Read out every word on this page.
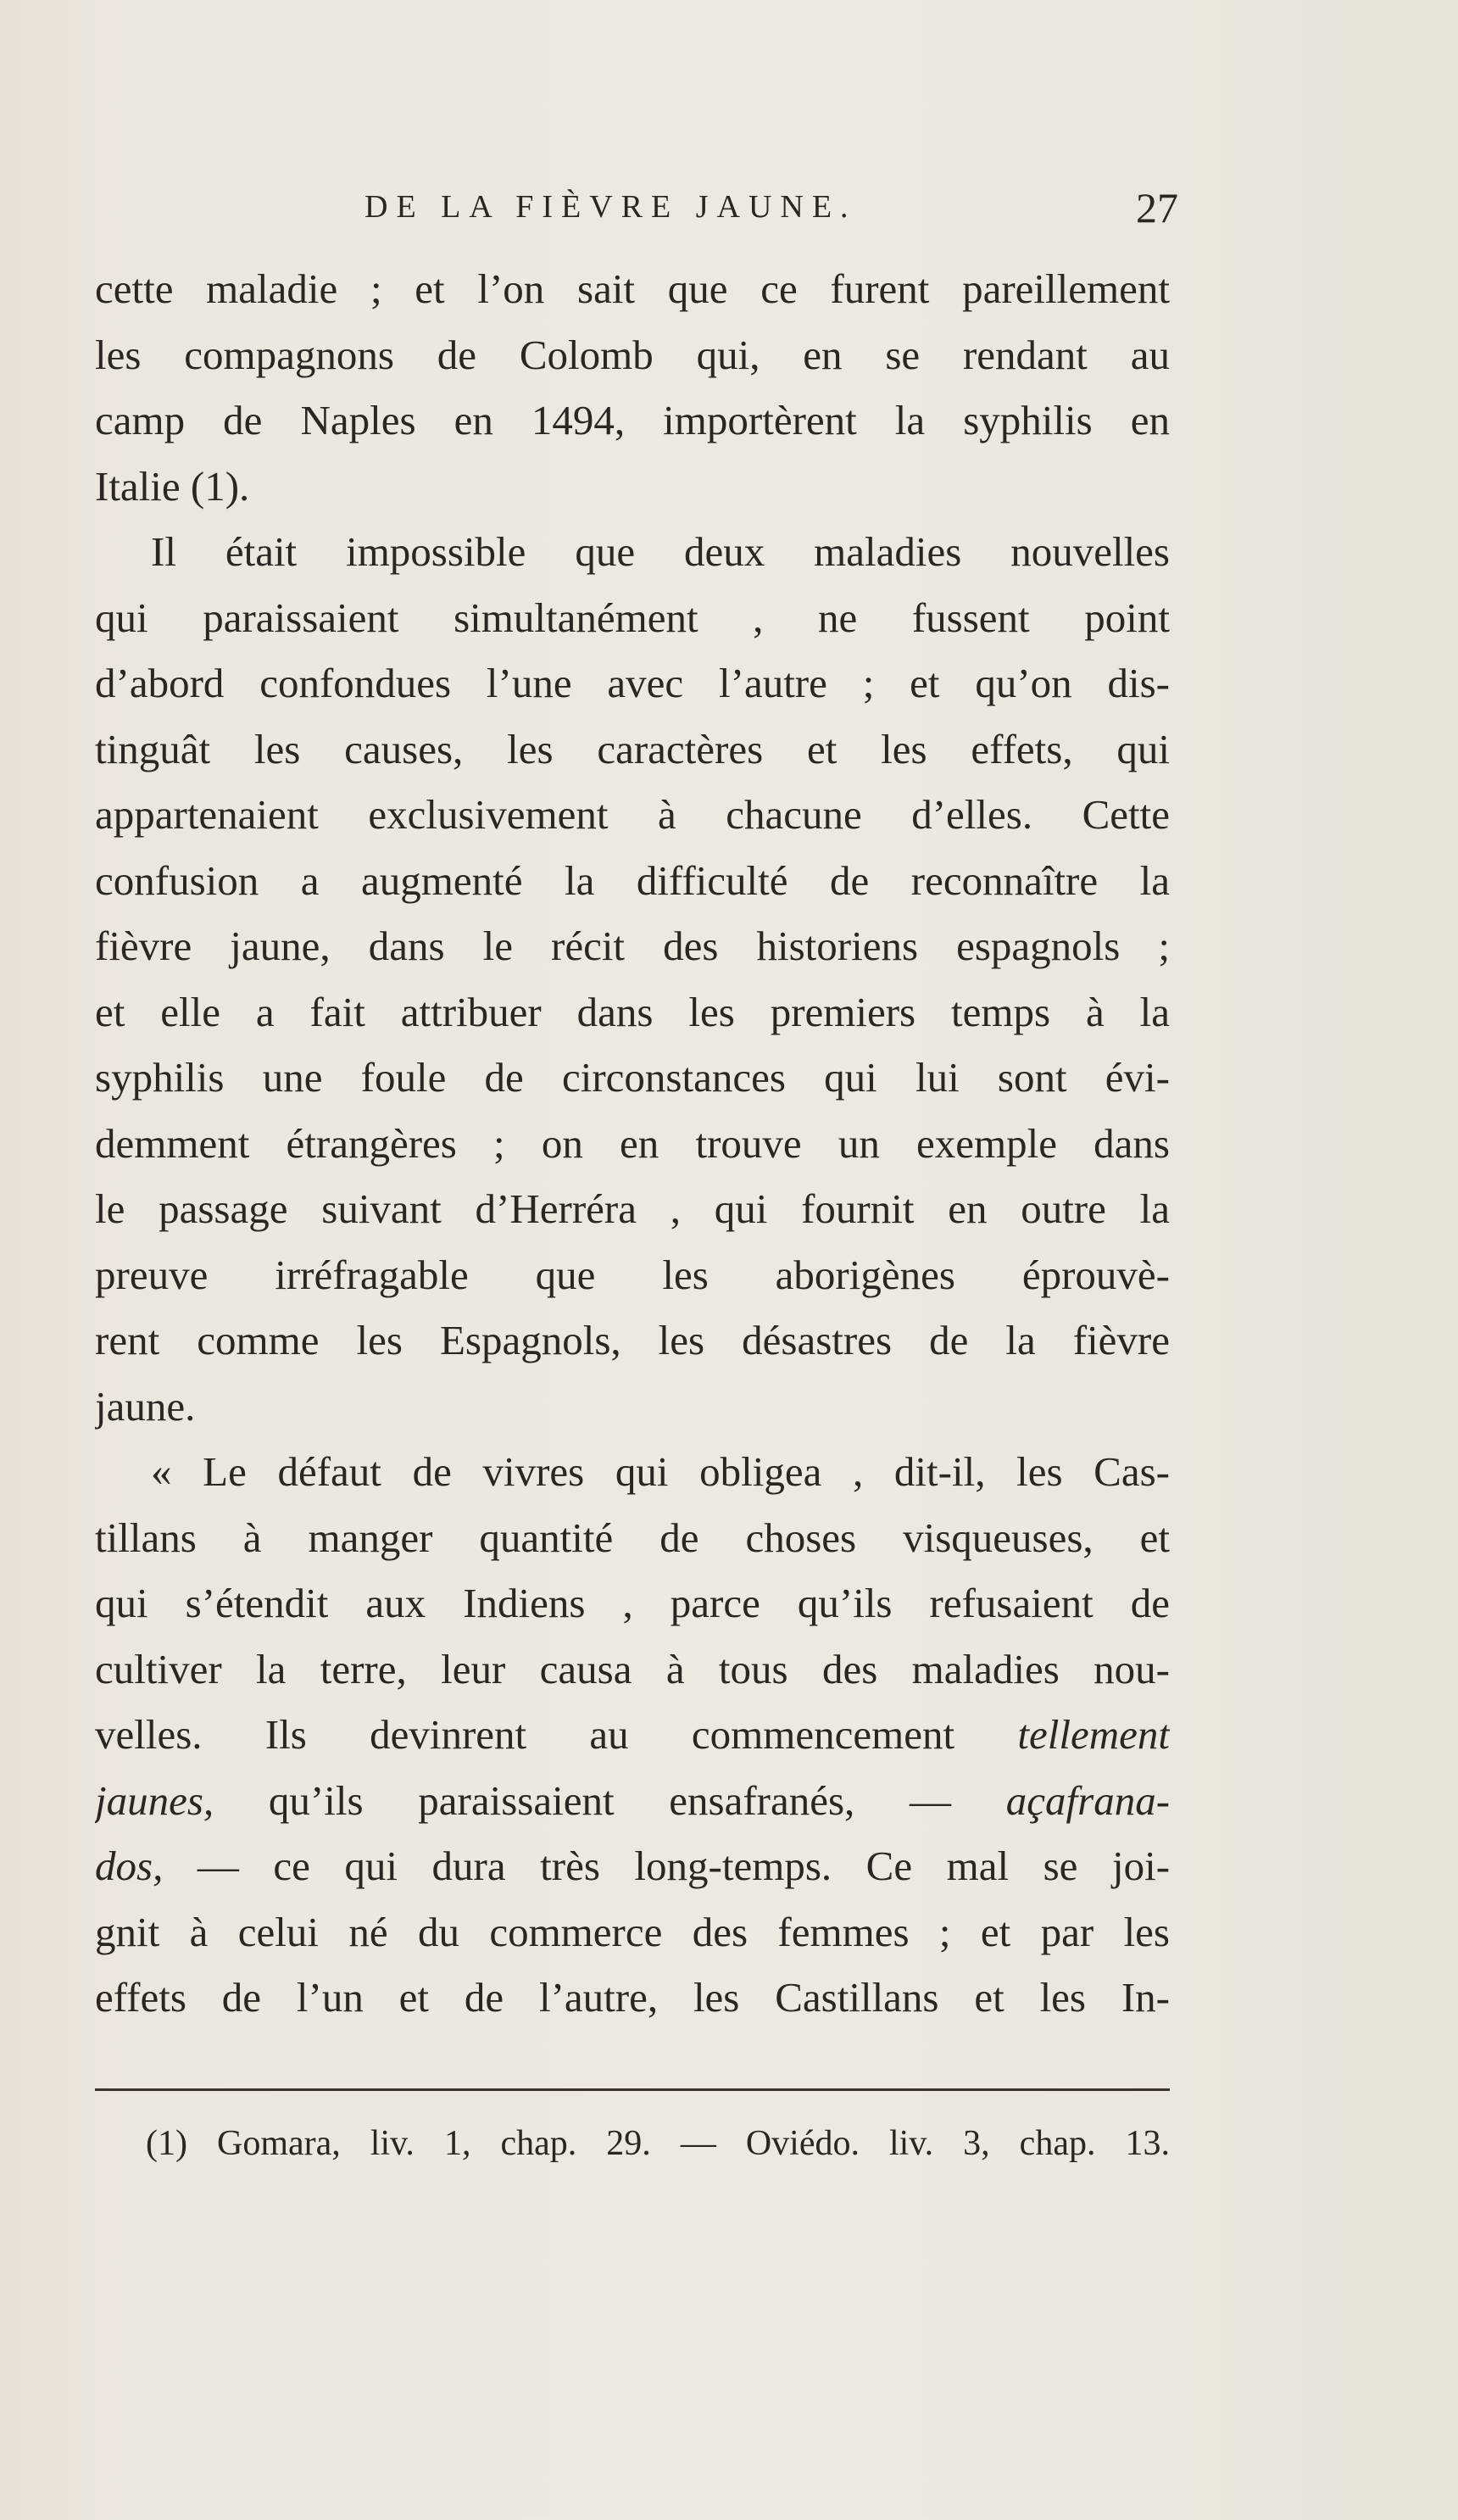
DE LA FIÈVRE JAUNE.	27
cette maladie ; et l’on sait que ce furent pareillement
les compagnons de Colomb qui, en se rendant au
camp de Naples en 1494, importèrent la syphilis en
Italie (1).
Il était impossible que deux maladies nouvelles
qui paraissaient simultanément , ne fussent point
d’abord confondues l’une avec l’autre ; et qu’on dis-
tinguât les causes, les caractères et les effets, qui
appartenaient exclusivement à chacune d’elles. Cette
confusion a augmenté la difficulté de reconnaître la
fièvre jaune, dans le récit des historiens espagnols ;
et elle a fait attribuer dans les premiers temps à la
syphilis une foule de circonstances qui lui sont évi-
demment étrangères ; on en trouve un exemple dans
le passage suivant d’Herréra , qui fournit en outre la
preuve irréfragable que les aborigènes éprouvè-
rent comme les Espagnols, les désastres de la fièvre
jaune.
« Le défaut de vivres qui obligea , dit-il, les Cas-
tillans à manger quantité de choses visqueuses, et
qui s’étendit aux Indiens , parce qu’ils refusaient de
cultiver la terre, leur causa à tous des maladies nou-
velles. Ils devinrent au commencement tellement
jaunes, qu’ils paraissaient ensafranés, — açafrana-
dos, — ce qui dura très long-temps. Ce mal se joi-
gnit à celui né du commerce des femmes ; et par les
effets de l’un et de l’autre, les Castillans et les In-
(1) Gomara, liv. 1, chap. 29. — Oviédo. liv. 3, chap. 13.
